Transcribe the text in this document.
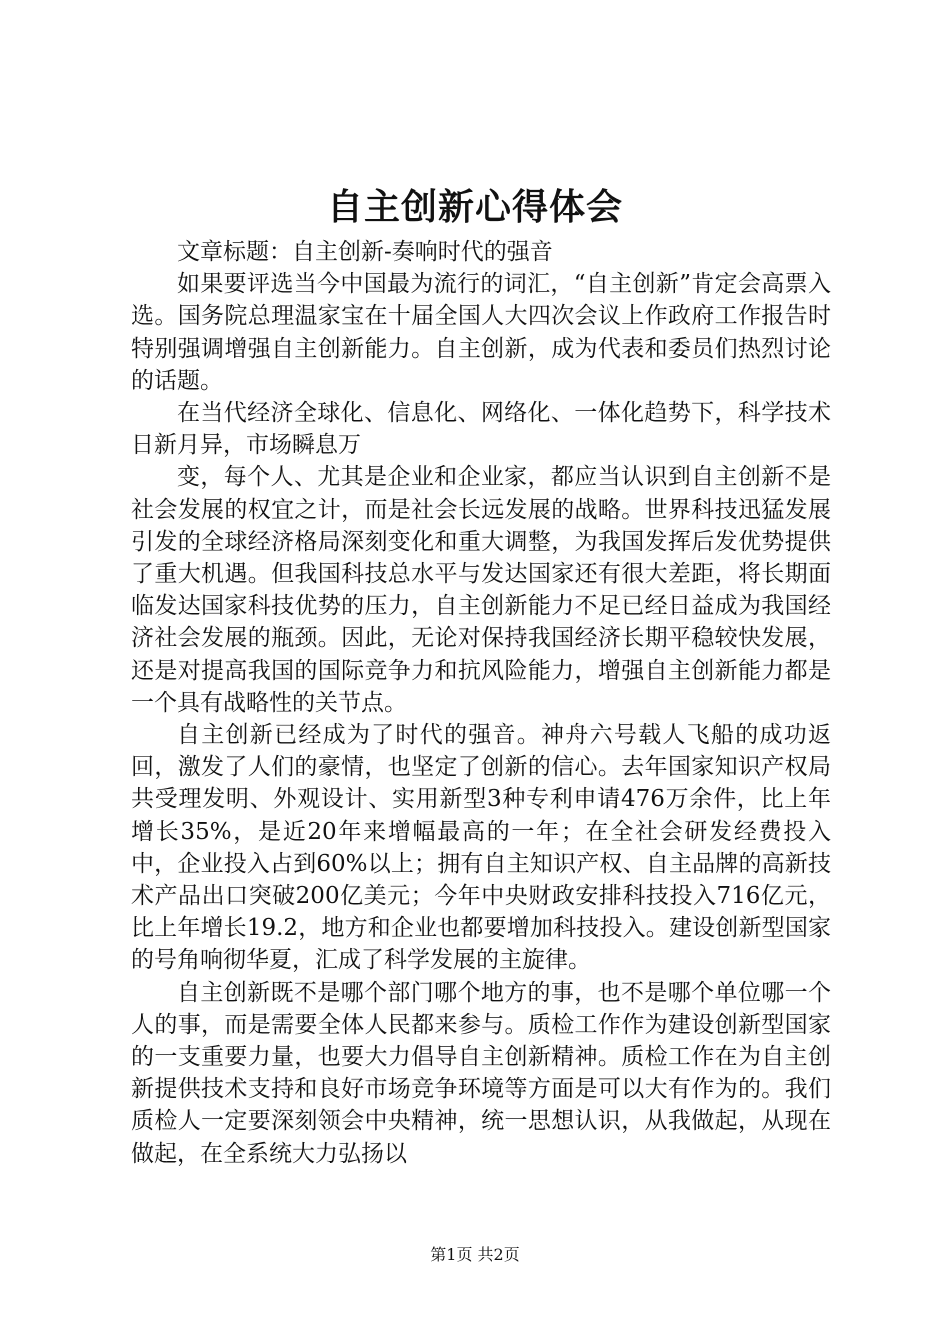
自主创新心得体会

文章标题：自主创新-奏响时代的强音

如果要评选当今中国最为流行的词汇，“自主创新”肯定会高票入选。国务院总理温家宝在十届全国人大四次会议上作政府工作报告时特别强调增强自主创新能力。自主创新，成为代表和委员们热烈讨论的话题。

在当代经济全球化、信息化、网络化、一体化趋势下，科学技术日新月异，市场瞬息万

变，每个人、尤其是企业和企业家，都应当认识到自主创新不是社会发展的权宜之计，而是社会长远发展的战略。世界科技迅猛发展引发的全球经济格局深刻变化和重大调整，为我国发挥后发优势提供了重大机遇。但我国科技总水平与发达国家还有很大差距，将长期面临发达国家科技优势的压力，自主创新能力不足已经日益成为我国经济社会发展的瓶颈。因此，无论对保持我国经济长期平稳较快发展，还是对提高我国的国际竞争力和抗风险能力，增强自主创新能力都是一个具有战略性的关节点。

自主创新已经成为了时代的强音。神舟六号载人飞船的成功返回，激发了人们的豪情，也坚定了创新的信心。去年国家知识产权局共受理发明、外观设计、实用新型3种专利申请476万余件，比上年增长35%，是近20年来增幅最高的一年；在全社会研发经费投入中，企业投入占到60%以上；拥有自主知识产权、自主品牌的高新技术产品出口突破200亿美元；今年中央财政安排科技投入716亿元，比上年增长19.2，地方和企业也都要增加科技投入。建设创新型国家的号角响彻华夏，汇成了科学发展的主旋律。

自主创新既不是哪个部门哪个地方的事，也不是哪个单位哪一个人的事，而是需要全体人民都来参与。质检工作作为建设创新型国家的一支重要力量，也要大力倡导自主创新精神。质检工作在为自主创新提供技术支持和良好市场竞争环境等方面是可以大有作为的。我们质检人一定要深刻领会中央精神，统一思想认识，从我做起，从现在做起，在全系统大力弘扬以

第1页 共2页
